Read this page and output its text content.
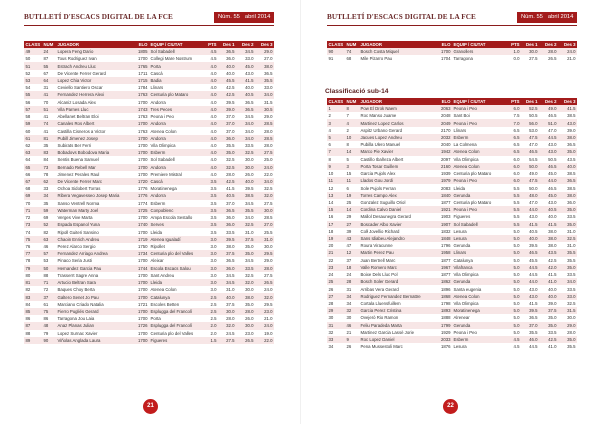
BUTLLETÍ D'ESCACS DIGITAL DE LA FCE	Núm. 55 abril 2014
CLASS	NUM	JUGADOR	ELO	EQUIP / CIUTAT	PTS	Des 1	Des 2	Des 3
49	24	Lopera Feng Dario	1805	Sol Sabadell	4.5	36.5	34.5	29.0
50	87	Tous Rodriguez Ivan	1700	Collegi Mare Nostrum	4.5	36.0	33.0	27.0
51	55	Estrach Andreu Lluc	1765	Porta	4.0	40.0	45.0	38.0
52	67	De Vicente Ferrer Gerard	1711	Cascá	4.0	40.0	43.0	36.5
53	64	Lopez Chia Victor	1715	Badia	4.0	45.5	41.5	35.5
54	31	Ceviello Santiero Oscar	1784	Llinars	4.0	42.5	40.0	33.0
55	41	Fernandez Herrera Alexi	1763	Centuria plo Mataro	4.0	42.5	40.5	34.0
56	70	Alcaniz Losada Alex	1700	Andorra	4.0	39.5	36.5	31.5
57	51	Vila Parnes Lluc	1743	Tres Peces	4.0	39.0	36.5	30.5
58	41	Abellanet Beltran Eloi	1763	Peona i Peo	4.0	37.0	34.5	29.0
59	74	Canales Ros Albert	1700	Andorra	4.0	37.0	34.0	28.5
60	41	Castilla Cisneros a Victor	1763	Atenea Colon	4.0	37.0	34.0	28.0
61	81	Pubill Jimenez Josep	1700	Andorra	4.0	36.0	34.0	28.5
62	35	Subirats Ber Ferri	1700	Vila Olimpica	4.0	35.5	33.5	28.0
63	83	Bobadovs Bobodova Maria	1700	Esberm	4.0	35.0	32.5	27.5
64	84	Sentis Buena Samuel	1700	Sol Sabadell	4.0	32.5	30.0	25.0
65	73	Bernado Rebell Mar	1700	Andorra	4.0	32.5	30.0	24.0
66	78	Jimenez Perales Raul	1700	Premiere Mistral	4.0	28.0	26.0	22.0
67	62	De Vicente Ferrer Marc	1720	Cascá	3.5	42.5	40.0	34.0
68	33	Ochoa Sidobert Torras	1776	Moratinenega	3.5	41.5	39.5	32.5
69	34	Ribera Vegavesseo Josep Maria	1776	Andorra	3.5	40.5	38.5	32.0
70	35	Sanso Ventrell Norma	1774	Esberm	3.5	37.0	34.5	27.5
71	59	Waterman Marty Joel	1725	Conpoblenc	3.5	36.5	35.5	30.0
72	69	Verges Vive Marta	1700	Ampa Escola Sestallo	3.5	36.0	34.0	28.5
73	52	Espada Espanol Yuna	1740	Serves	3.5	36.0	32.5	27.0
74	82	Ripoll Guiteri Sansino	1700	Lleida	3.5	33.5	31.0	25.5
75	63	Chaoin Enrich Andreu	1719	Atenea Igualadí	3.0	39.5	37.5	31.0
76	46	Perez Alarco Sergio	1750	Ripollet	3.0	38.0	35.0	30.0
77	57	Fernandez Arriago Andrea	1734	Centuria plo del Valles	3.0	37.5	35.0	29.5
78	53	Pinaco Seria Justi	1700	Aleixar	3.0	36.5	34.5	29.0
79	50	Hernandez Garcia Pau	1744	Escola Escacs Salou	3.0	36.0	33.5	28.0
80	88	Trasserrt Sagre Anna	1700	Sant Andreu	3.0	34.5	32.5	27.5
81	71	Artucio Beltran Sara	1700	Lleida	3.0	34.5	32.0	26.5
82	72	Baques Choy Berta	1700	Atenea Colon	3.0	31.0	30.0	24.0
83	37	Galtero Senet Jo Pau	1700	Catalunya	2.5	40.0	38.0	32.0
84	61	Marciano Criado Natalia	1721	Escoles Betten	2.5	37.5	35.0	29.5
85	75	Fierro Pugliés Gerard	1700	Esplugga del Francolí	2.5	30.0	28.0	23.0
86	86	Tarragona Jou Laia	1700	Porta	2.5	28.0	26.0	21.0
87	48	Anaz Planas Julian	1726	Esplugga del Francolí	2.0	32.0	30.0	24.0
88	79	Lopez Surnac Xavier	1700	Centuria plo del Valles	2.0	24.5	23.0	19.0
89	90	Viñolas Anglada Laura	1700	Figueres	1.5	27.5	26.5	22.0
21
BUTLLETÍ D'ESCACS DIGITAL DE LA FCE	Núm. 55 abril 2014
CLASS	NUM	JUGADOR	ELO	EQUIP / CIUTAT	PTS	Des 1	Des 2	Des 3
90	74	Bosch Costa Miquel	1700	Granollers	1.0	30.0	28.0	24.0
91	68	Mile Pizarro Pau	1704	Tarragona	0.0	27.5	26.5	21.0
Classificació sub-14
CLASS	NUM	JUGADOR	ELO	EQUIP / CIUTAT	PTS	Des 1	Des 2	Des 3
1	8	Pow El Drok Naem	2063	Peona i Peo	6.0	52.5	49.0	41.5
2	7	Roc Manso Juame	2048	Sant Boi	7.5	50.5	46.5	38.5
3	4	Martinez Lopez Carlos	2049	Peona i Peo	7.0	56.0	51.0	43.0
4	2	Aspitz Urbano Gerard	2170	Llinars	6.5	53.0	47.0	39.0
5	10	Jacues Lopez Andreu	2032	Esberm	6.5	47.5	44.5	38.0
6	8	Pubilla Ulero Manuel	2040	La Colmena	6.5	47.0	43.0	36.5
7	14	Marco Pie Xavier	1942	Atenea Colon	6.5	46.5	43.0	35.0
8	5	Castillo Ibañeza Albert	2097	Vila Olimpica	6.0	54.5	50.5	43.5
9	3	Porta Tosar Guillem	2160	Atenea Colon	6.0	50.0	46.5	40.0
10	15	Garcia Pujols Alex	1939	Centuria plo Mataro	6.0	49.0	45.0	38.5
11	11	Llados Gou Jordi	1979	Peona i Peo	6.0	47.5	44.0	36.5
12	6	Sole Pujols Ferran	2083	Lleida	5.5	50.0	46.5	38.5
13	19	Torres Campo Alex	1840	Gerunda	5.5	48.0	45.0	38.0
14	25	Gonzalez Suguillo Oriol	1877	Centuria plo Mataro	5.5	47.0	43.0	36.0
15	14	Cordina Calvo Daniel	1921	Peona i Peo	5.5	44.0	40.5	35.0
16	29	Mallol Desaunegra Gerard	1903	Figueres	5.5	43.0	40.0	33.5
17	27	Boscader Albo Xavier	1907	Sol Sabadell	5.5	41.5	41.5	35.0
18	39	Colł Jovellio Richard	1832	Lesura	5.0	40.5	38.0	31.0
19	43	Sans Idiabeu Alejandro	1848	Lesura	5.0	40.0	38.0	32.5
20	47	Roura Viracunne	1796	Gerunda	5.0	39.5	38.0	31.0
21	12	Martin Perez Pau	1958	Llinars	5.0	46.5	43.5	35.5
22	37	Juan Bertrell Marc	1877	Catalunya	5.0	45.5	42.5	35.5
23	18	Valle Romero Marc	1967	Vilafranca	5.0	44.5	42.0	35.0
24	24	Boixe Dels Lluc Pol	1877	Vila Olimpica	5.0	44.5	41.5	33.5
25	28	Bosch Soler Gerard	1862	Gerunda	5.0	44.0	41.0	34.0
26	31	Arribas Vera Gerard	1896	Santa eugenia	5.0	43.0	40.0	33.5
27	34	Rodriguez Fernandez Bernattre	1868	Atenea Colon	5.0	43.0	40.0	33.0
28	34	Cortala Lluensfuillem	1798	Vila Olimpica	5.0	41.5	39.0	32.5
29	32	Garcia Perez Cristina	1893	Moratinenega	5.0	39.5	37.5	31.5
30	30	Ovejerò Rio Ramon	1888	Alrenear	5.0	36.5	35.0	30.0
31	46	Feliu Paradeda Marta	1799	Gerunda	5.0	37.0	35.0	29.0
32	21	Martinez Garcia Lassè Jorie	1929	Peona i Peo	5.0	35.5	33.5	28.0
33	9	Roc Lopez Daniel	2033	Esberm	4.5	46.0	42.5	35.0
34	26	Pena Mussestoli Marc	1876	Lesura	4.5	44.5	41.0	35.5
22
